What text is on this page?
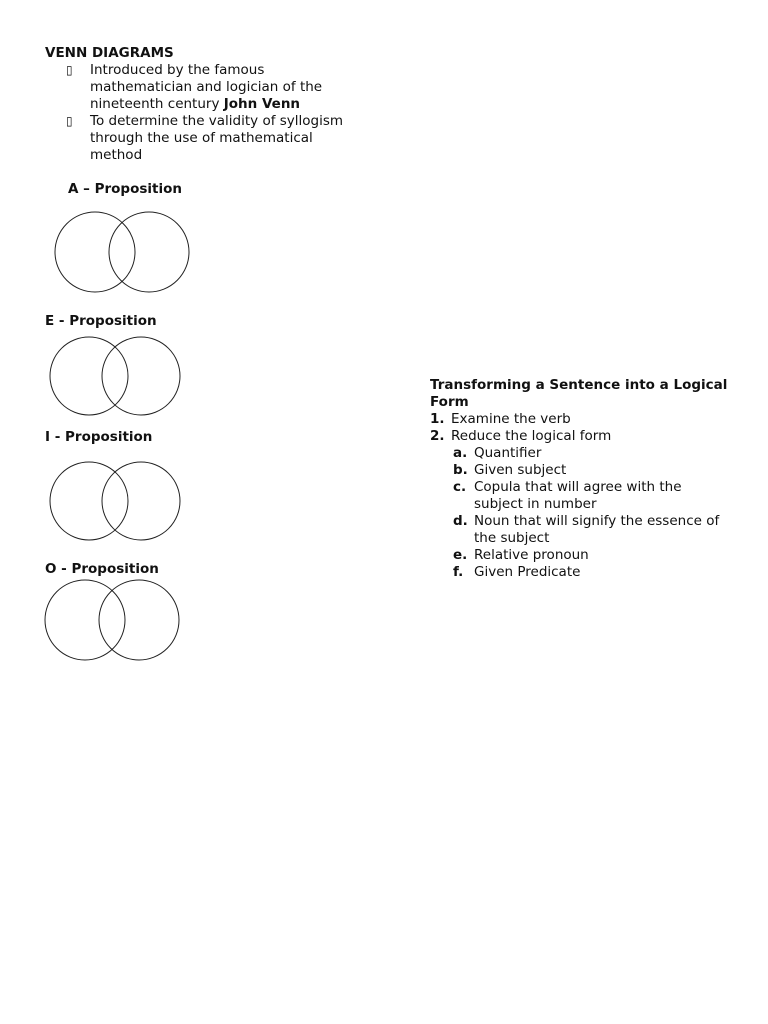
VENN DIAGRAMS
▯	Introduced by the famous mathematician and logician of the nineteenth century John Venn
▯	To determine the validity of syllogism through the use of mathematical method
A – Proposition
E - Proposition
I - Proposition
O - Proposition
Transforming a Sentence into a Logical Form
1. Examine the verb
2. Reduce the logical form
a. Quantifier
b. Given subject
c. Copula that will agree with the subject in number
d. Noun that will signify the essence of the subject
e. Relative pronoun
f. Given Predicate
